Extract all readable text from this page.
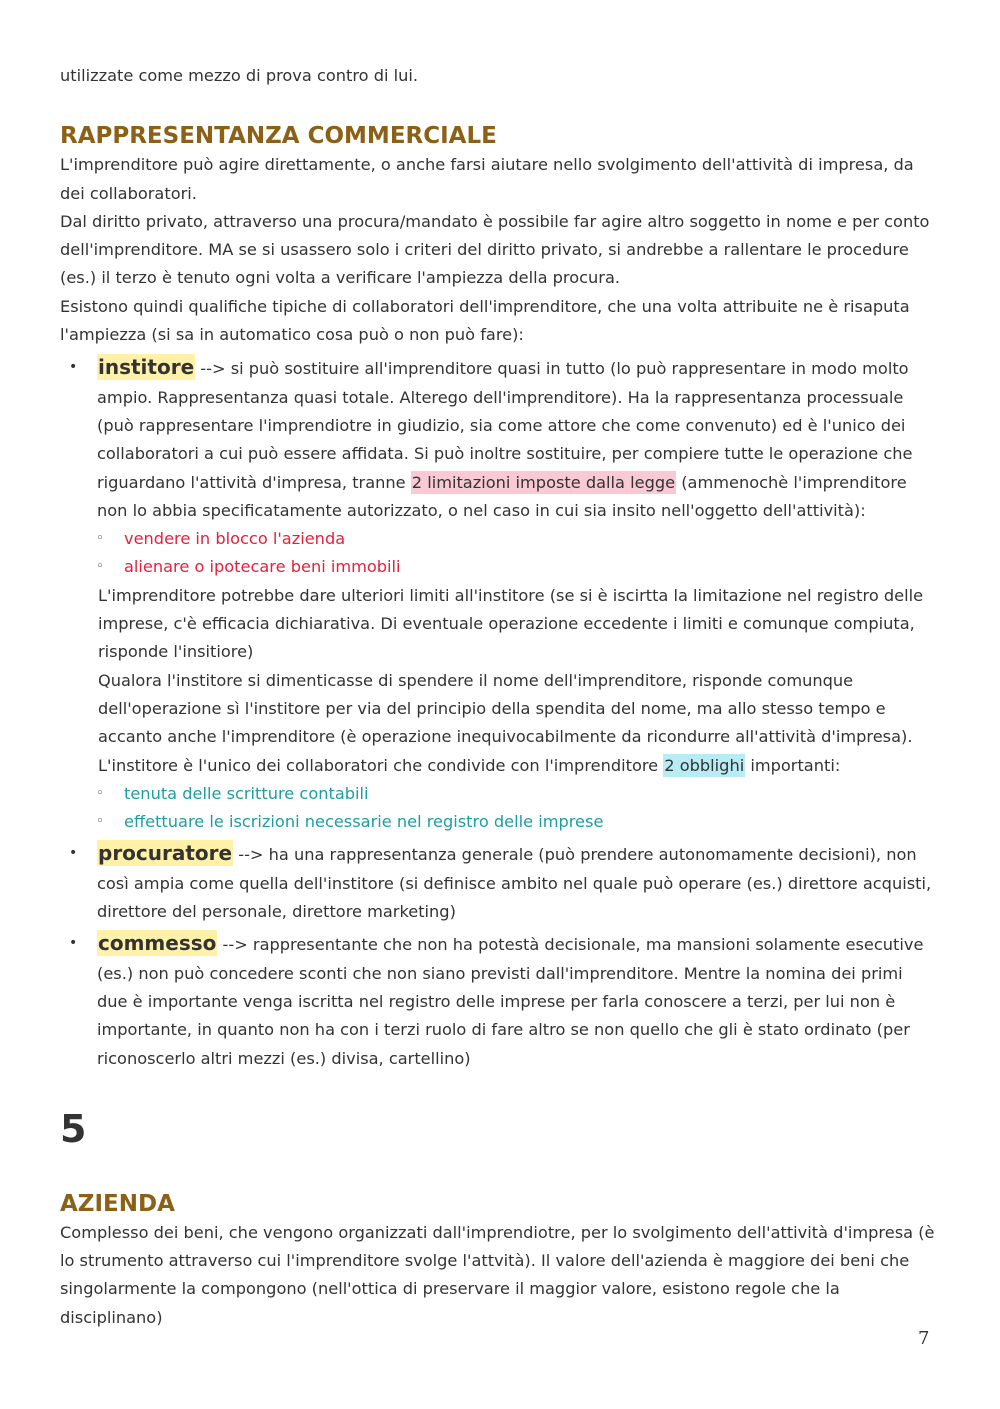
utilizzate come mezzo di prova contro di lui.

RAPPRESENTANZA COMMERCIALE

L'imprenditore può agire direttamente, o anche farsi aiutare nello svolgimento dell'attività di impresa, da dei collaboratori.

Dal diritto privato, attraverso una procura/mandato è possibile far agire altro soggetto in nome e per conto dell'imprenditore. MA se si usassero solo i criteri del diritto privato, si andrebbe a rallentare le procedure (es.) il terzo è tenuto ogni volta a verificare l'ampiezza della procura.

Esistono quindi qualifiche tipiche di collaboratori dell'imprenditore, che una volta attribuite ne è risaputa l'ampiezza (si sa in automatico cosa può o non può fare):

• institore --> si può sostituire all'imprenditore quasi in tutto (lo può rappresentare in modo molto ampio. Rappresentanza quasi totale. Alterego dell'imprenditore). Ha la rappresentanza processuale (può rappresentare l'imprendiotre in giudizio, sia come attore che come convenuto) ed è l'unico dei collaboratori a cui può essere affidata. Si può inoltre sostituire, per compiere tutte le operazione che riguardano l'attività d'impresa, tranne 2 limitazioni imposte dalla legge (ammenochè l'imprenditore non lo abbia specificatamente autorizzato, o nel caso in cui sia insito nell'oggetto dell'attività):

◦ vendere in blocco l'azienda
◦ alienare o ipotecare beni immobili

L'imprenditore potrebbe dare ulteriori limiti all'institore (se si è iscirtta la limitazione nel registro delle imprese, c'è efficacia dichiarativa. Di eventuale operazione eccedente i limiti e comunque compiuta, risponde l'insitiore)

Qualora l'institore si dimenticasse di spendere il nome dell'imprenditore, risponde comunque dell'operazione sì l'institore per via del principio della spendita del nome, ma allo stesso tempo e accanto anche l'imprenditore (è operazione inequivocabilmente da ricondurre all'attività d'impresa).

L'institore è l'unico dei collaboratori che condivide con l'imprenditore 2 obblighi importanti:

◦ tenuta delle scritture contabili
◦ effettuare le iscrizioni necessarie nel registro delle imprese
• procuratore --> ha una rappresentanza generale (può prendere autonomamente decisioni), non così ampia come quella dell'institore (si definisce ambito nel quale può operare (es.) direttore acquisti, direttore del personale, direttore marketing)

• commesso --> rappresentante che non ha potestà decisionale, ma mansioni solamente esecutive (es.) non può concedere sconti che non siano previsti dall'imprenditore. Mentre la nomina dei primi due è importante venga iscritta nel registro delle imprese per farla conoscere a terzi, per lui non è importante, in quanto non ha con i terzi ruolo di fare altro se non quello che gli è stato ordinato (per riconoscerlo altri mezzi (es.) divisa, cartellino)

5
AZIENDA

Complesso dei beni, che vengono organizzati dall'imprendiotre, per lo svolgimento dell'attività d'impresa (è lo strumento attraverso cui l'imprenditore svolge l'attvità). Il valore dell'azienda è maggiore dei beni che singolarmente la compongono (nell'ottica di preservare il maggior valore, esistono regole che la disciplinano)

7
